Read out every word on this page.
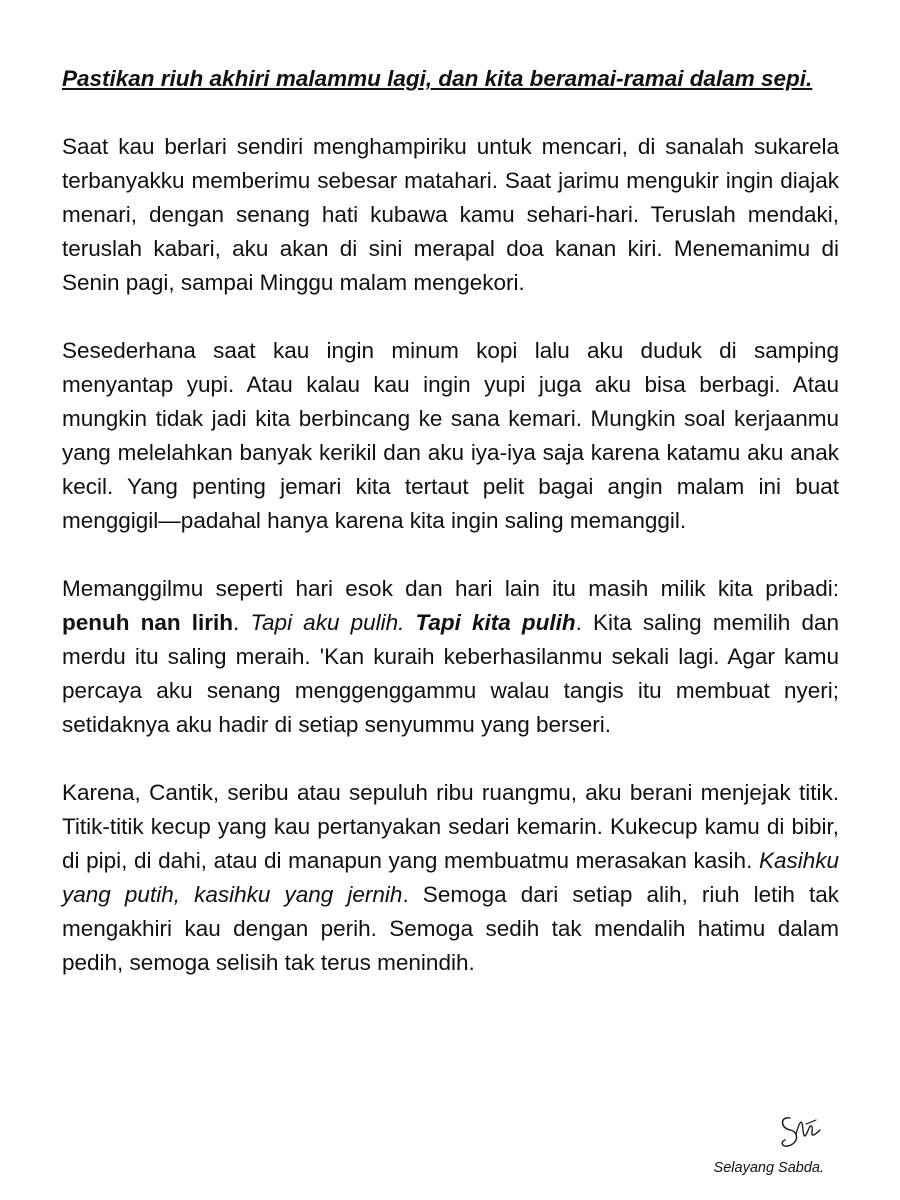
Pastikan riuh akhiri malammu lagi, dan kita beramai-ramai dalam sepi.

Saat kau berlari sendiri menghampiriku untuk mencari, di sanalah sukarela terbanyakku memberimu sebesar matahari. Saat jarimu mengukir ingin diajak menari, dengan senang hati kubawa kamu sehari-hari. Teruslah mendaki, teruslah kabari, aku akan di sini merapal doa kanan kiri. Menemanimu di Senin pagi, sampai Minggu malam mengekori.

Sesederhana saat kau ingin minum kopi lalu aku duduk di samping menyantap yupi. Atau kalau kau ingin yupi juga aku bisa berbagi. Atau mungkin tidak jadi kita berbincang ke sana kemari. Mungkin soal kerjaanmu yang melelahkan banyak kerikil dan aku iya-iya saja karena katamu aku anak kecil. Yang penting jemari kita tertaut pelit bagai angin malam ini buat menggigil—padahal hanya karena kita ingin saling memanggil.

Memanggilmu seperti hari esok dan hari lain itu masih milik kita pribadi: penuh nan lirih. Tapi aku pulih. Tapi kita pulih. Kita saling memilih dan merdu itu saling meraih. 'Kan kuraih keberhasilanmu sekali lagi. Agar kamu percaya aku senang menggenggammu walau tangis itu membuat nyeri; setidaknya aku hadir di setiap senyummu yang berseri.

Karena, Cantik, seribu atau sepuluh ribu ruangmu, aku berani menjejak titik. Titik-titik kecup yang kau pertanyakan sedari kemarin. Kukecup kamu di bibir, di pipi, di dahi, atau di manapun yang membuatmu merasakan kasih. Kasihku yang putih, kasihku yang jernih. Semoga dari setiap alih, riuh letih tak mengakhiri kau dengan perih. Semoga sedih tak mendalih hatimu dalam pedih, semoga selisih tak terus menindih.

Selayang Sabda.
